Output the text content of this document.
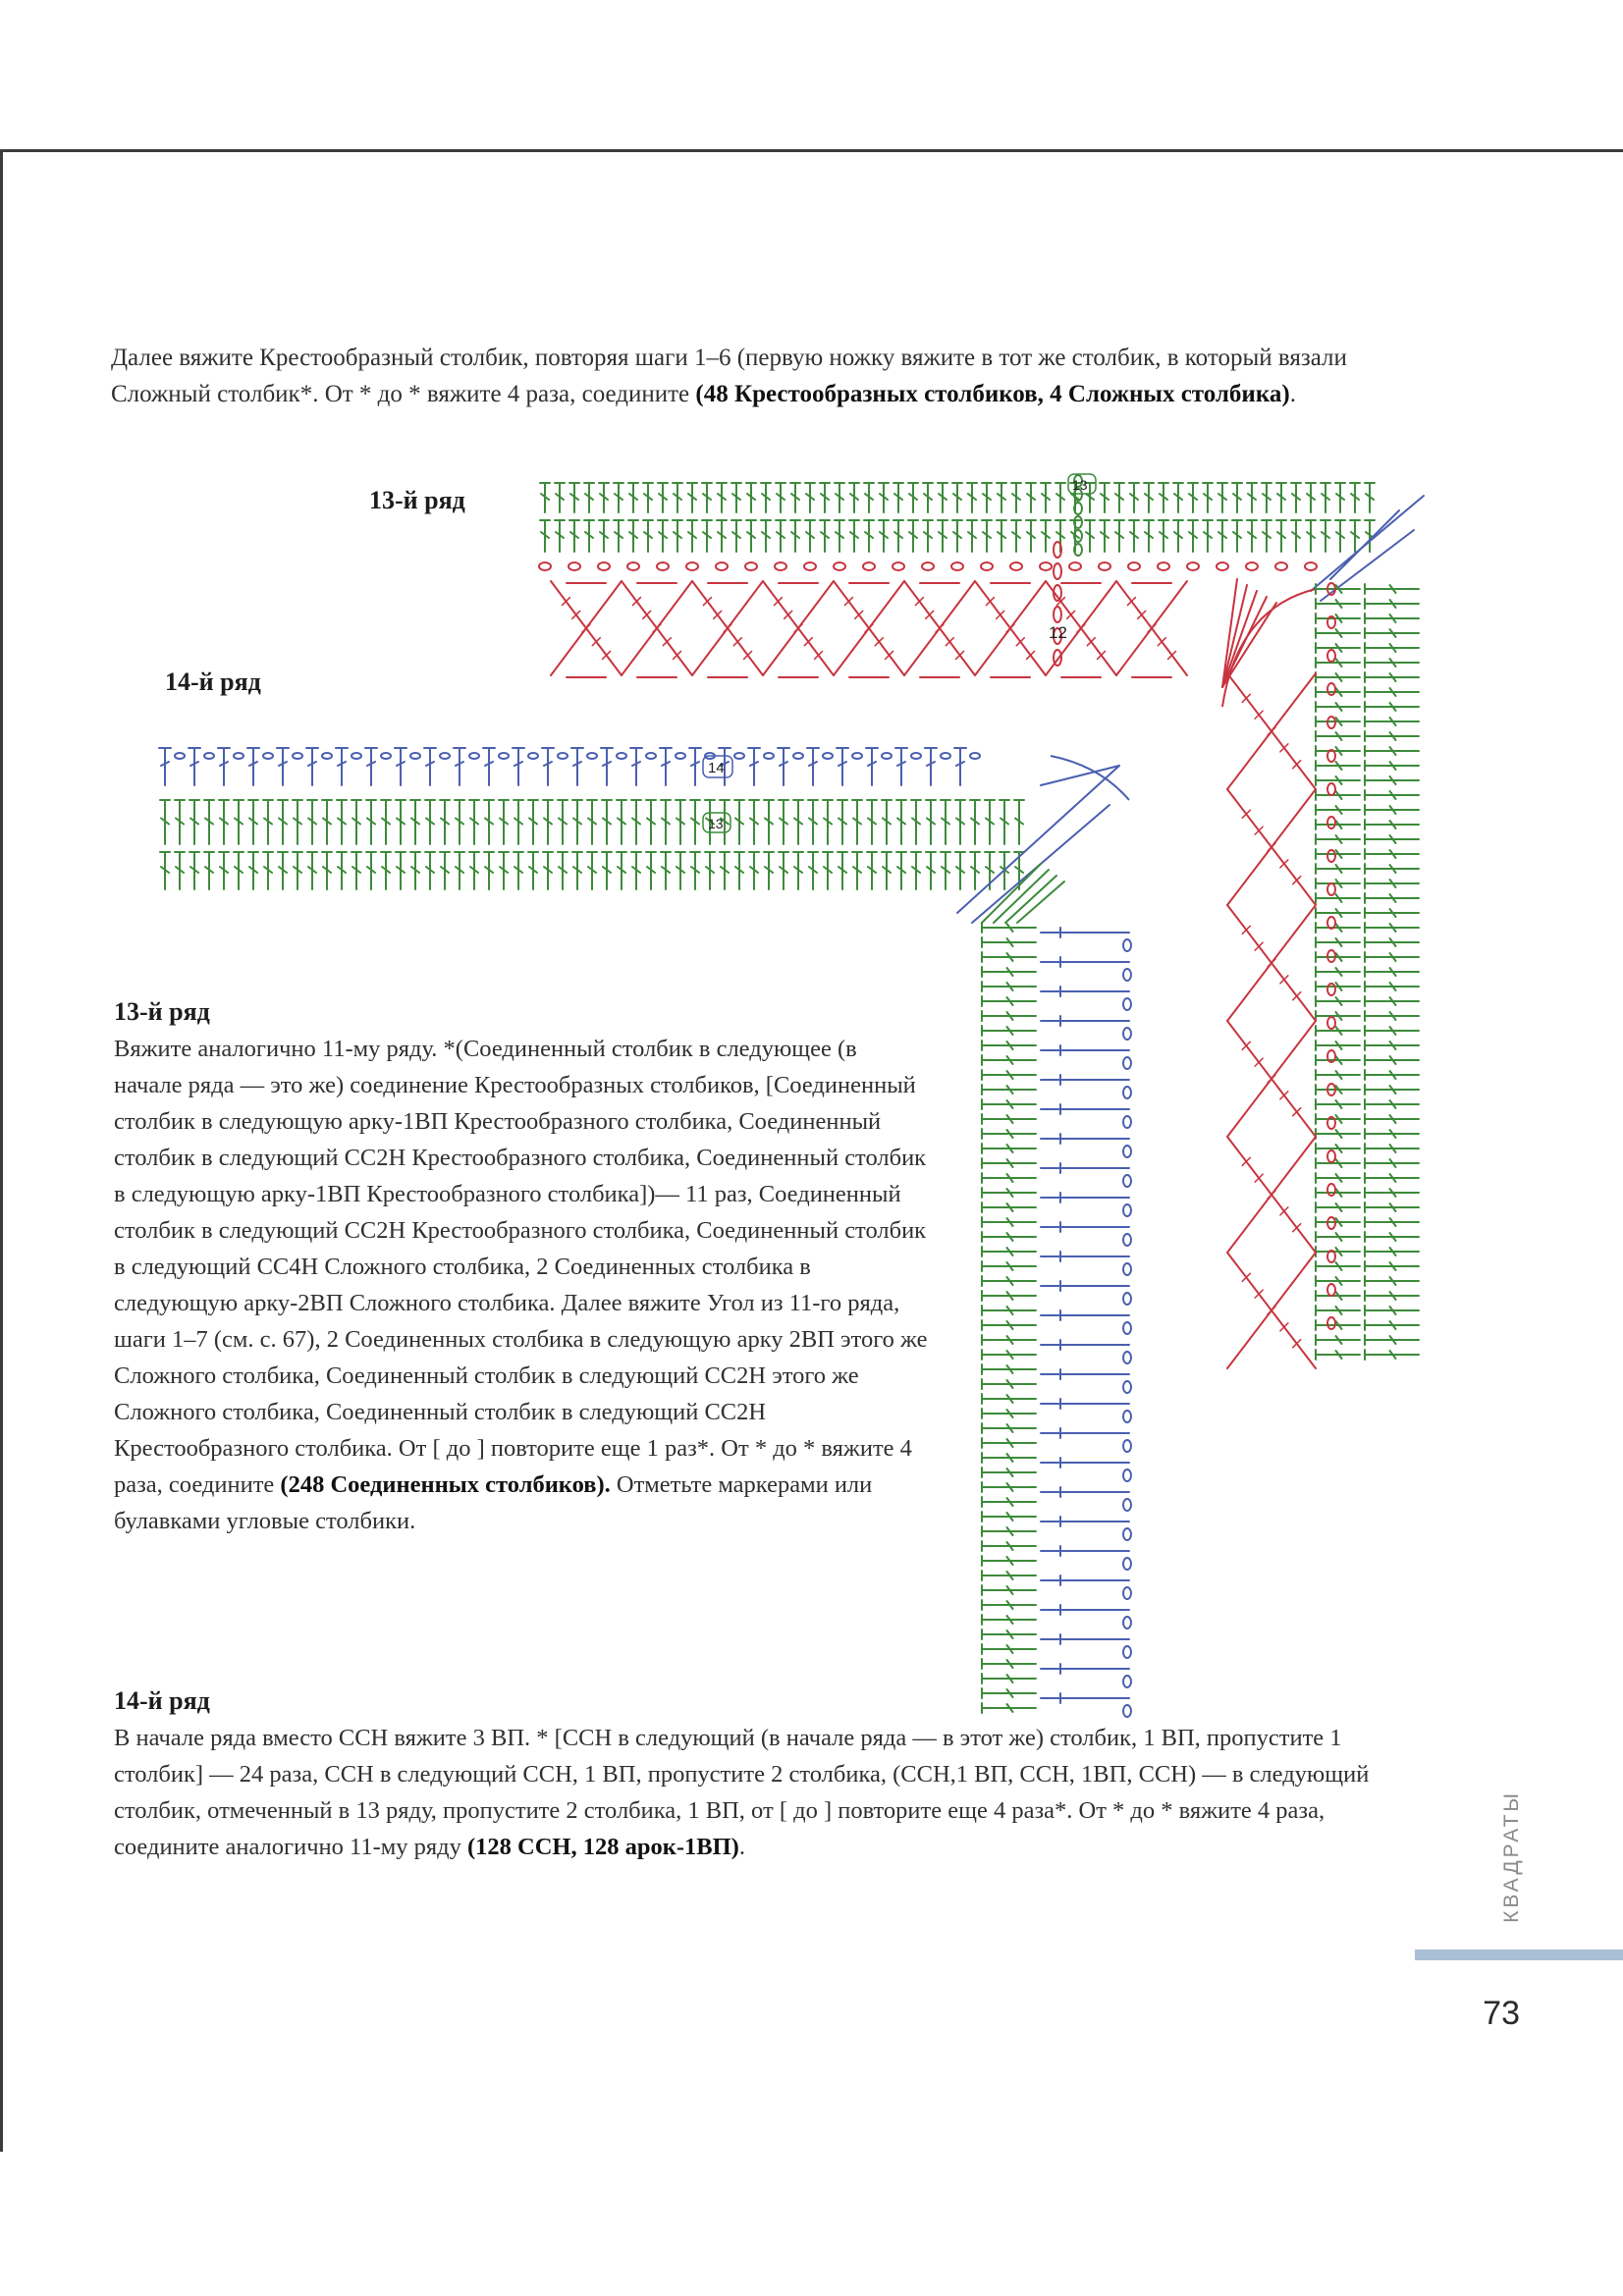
Далее вяжите Крестообразный столбик, повторяя шаги 1–6 (первую ножку вяжите в тот же столбик, в который вязали Сложный столбик*. От * до * вяжите 4 раза, соедините (48 Крестообразных столбиков, 4 Сложных столбика).

12
13
14
13

13-й ряд

14-й ряд

13-й ряд

Вяжите аналогично 11-му ряду. *(Соединенный столбик в следующее (в начале ряда — это же) соединение Крестообразных столбиков, [Соединенный столбик в следующую арку-1ВП Крестообразного столбика, Соединенный столбик в следующий СС2Н Крестообразного столбика, Соединенный столбик в следующую арку-1ВП Крестообразного столбика])— 11 раз, Соединенный столбик в следующий СС2Н Крестообразного столбика, Соединенный столбик в следующий СС4Н Сложного столбика, 2 Соединенных столбика в следующую арку-2ВП Сложного столбика. Далее вяжите Угол из 11-го ряда, шаги 1–7 (см. с. 67), 2 Соединенных столбика в следующую арку 2ВП этого же Сложного столбика, Соединенный столбик в следующий СС2Н этого же Сложного столбика, Соединенный столбик в следующий СС2Н Крестообразного столбика. От [ до ] повторите еще 1 раз*. От * до * вяжите 4 раза, соедините (248 Соединенных столбиков). Отметьте маркерами или булавками угловые столбики.

14-й ряд

В начале ряда вместо ССН вяжите 3 ВП. * [ССН в следующий (в начале ряда — в этот же) столбик, 1 ВП, пропустите 1 столбик] — 24 раза, ССН в следующий ССН, 1 ВП, пропустите 2 столбика, (ССН,1 ВП, ССН, 1ВП, ССН) — в следующий столбик, отмеченный в 13 ряду, пропустите 2 столбика, 1 ВП, от [ до ] повторите еще 4 раза*. От * до * вяжите 4 раза, соедините аналогично 11-му ряду (128 ССН, 128 арок-1ВП).	КВАДРАТЫ
73
